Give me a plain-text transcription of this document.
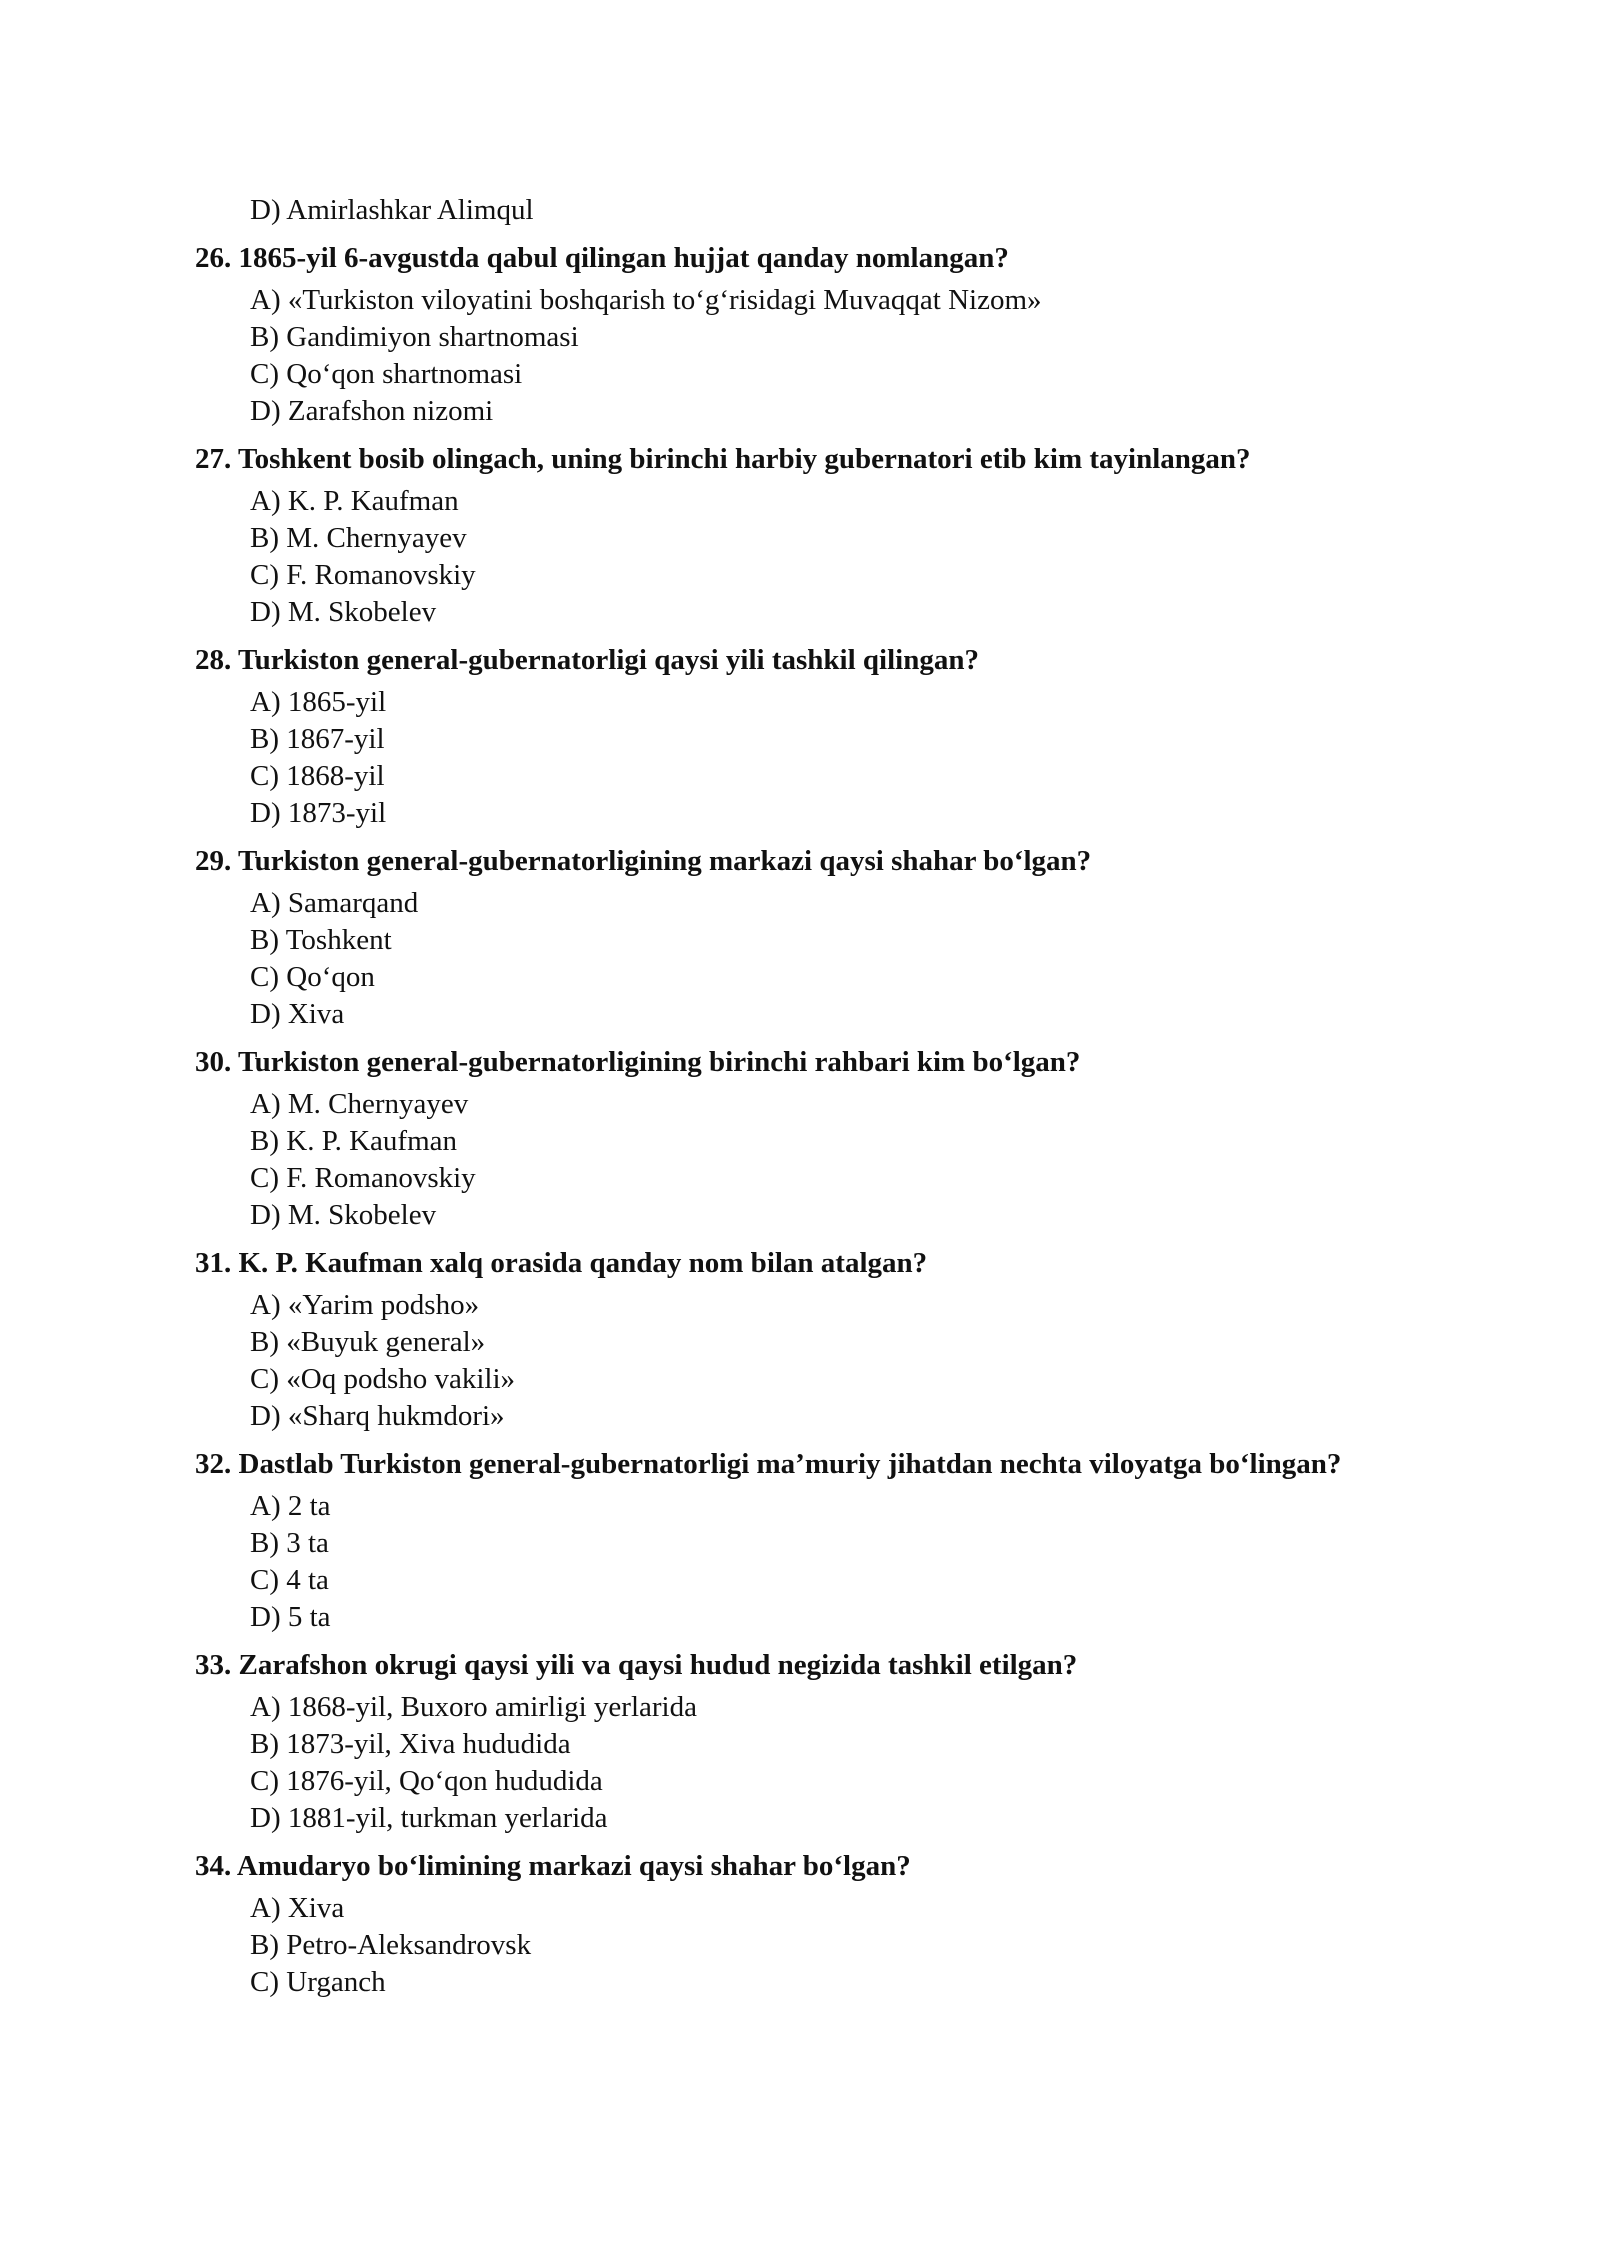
D) Amirlashkar Alimqul
26. 1865-yil 6-avgustda qabul qilingan hujjat qanday nomlangan?
A) «Turkiston viloyatini boshqarish to‘g‘risidagi Muvaqqat Nizom»
B) Gandimiyon shartnomasi
C) Qo‘qon shartnomasi
D) Zarafshon nizomi
27. Toshkent bosib olingach, uning birinchi harbiy gubernatori etib kim tayinlangan?
A) K. P. Kaufman
B) M. Chernyayev
C) F. Romanovskiy
D) M. Skobelev
28. Turkiston general-gubernatorligi qaysi yili tashkil qilingan?
A) 1865-yil
B) 1867-yil
C) 1868-yil
D) 1873-yil
29. Turkiston general-gubernatorligining markazi qaysi shahar bo‘lgan?
A) Samarqand
B) Toshkent
C) Qo‘qon
D) Xiva
30. Turkiston general-gubernatorligining birinchi rahbari kim bo‘lgan?
A) M. Chernyayev
B) K. P. Kaufman
C) F. Romanovskiy
D) M. Skobelev
31. K. P. Kaufman xalq orasida qanday nom bilan atalgan?
A) «Yarim podsho»
B) «Buyuk general»
C) «Oq podsho vakili»
D) «Sharq hukmdori»
32. Dastlab Turkiston general-gubernatorligi ma’muriy jihatdan nechta viloyatga bo‘lingan?
A) 2 ta
B) 3 ta
C) 4 ta
D) 5 ta
33. Zarafshon okrugi qaysi yili va qaysi hudud negizida tashkil etilgan?
A) 1868-yil, Buxoro amirligi yerlarida
B) 1873-yil, Xiva hududida
C) 1876-yil, Qo‘qon hududida
D) 1881-yil, turkman yerlarida
34. Amudaryo bo‘limining markazi qaysi shahar bo‘lgan?
A) Xiva
B) Petro-Aleksandrovsk
C) Urganch
